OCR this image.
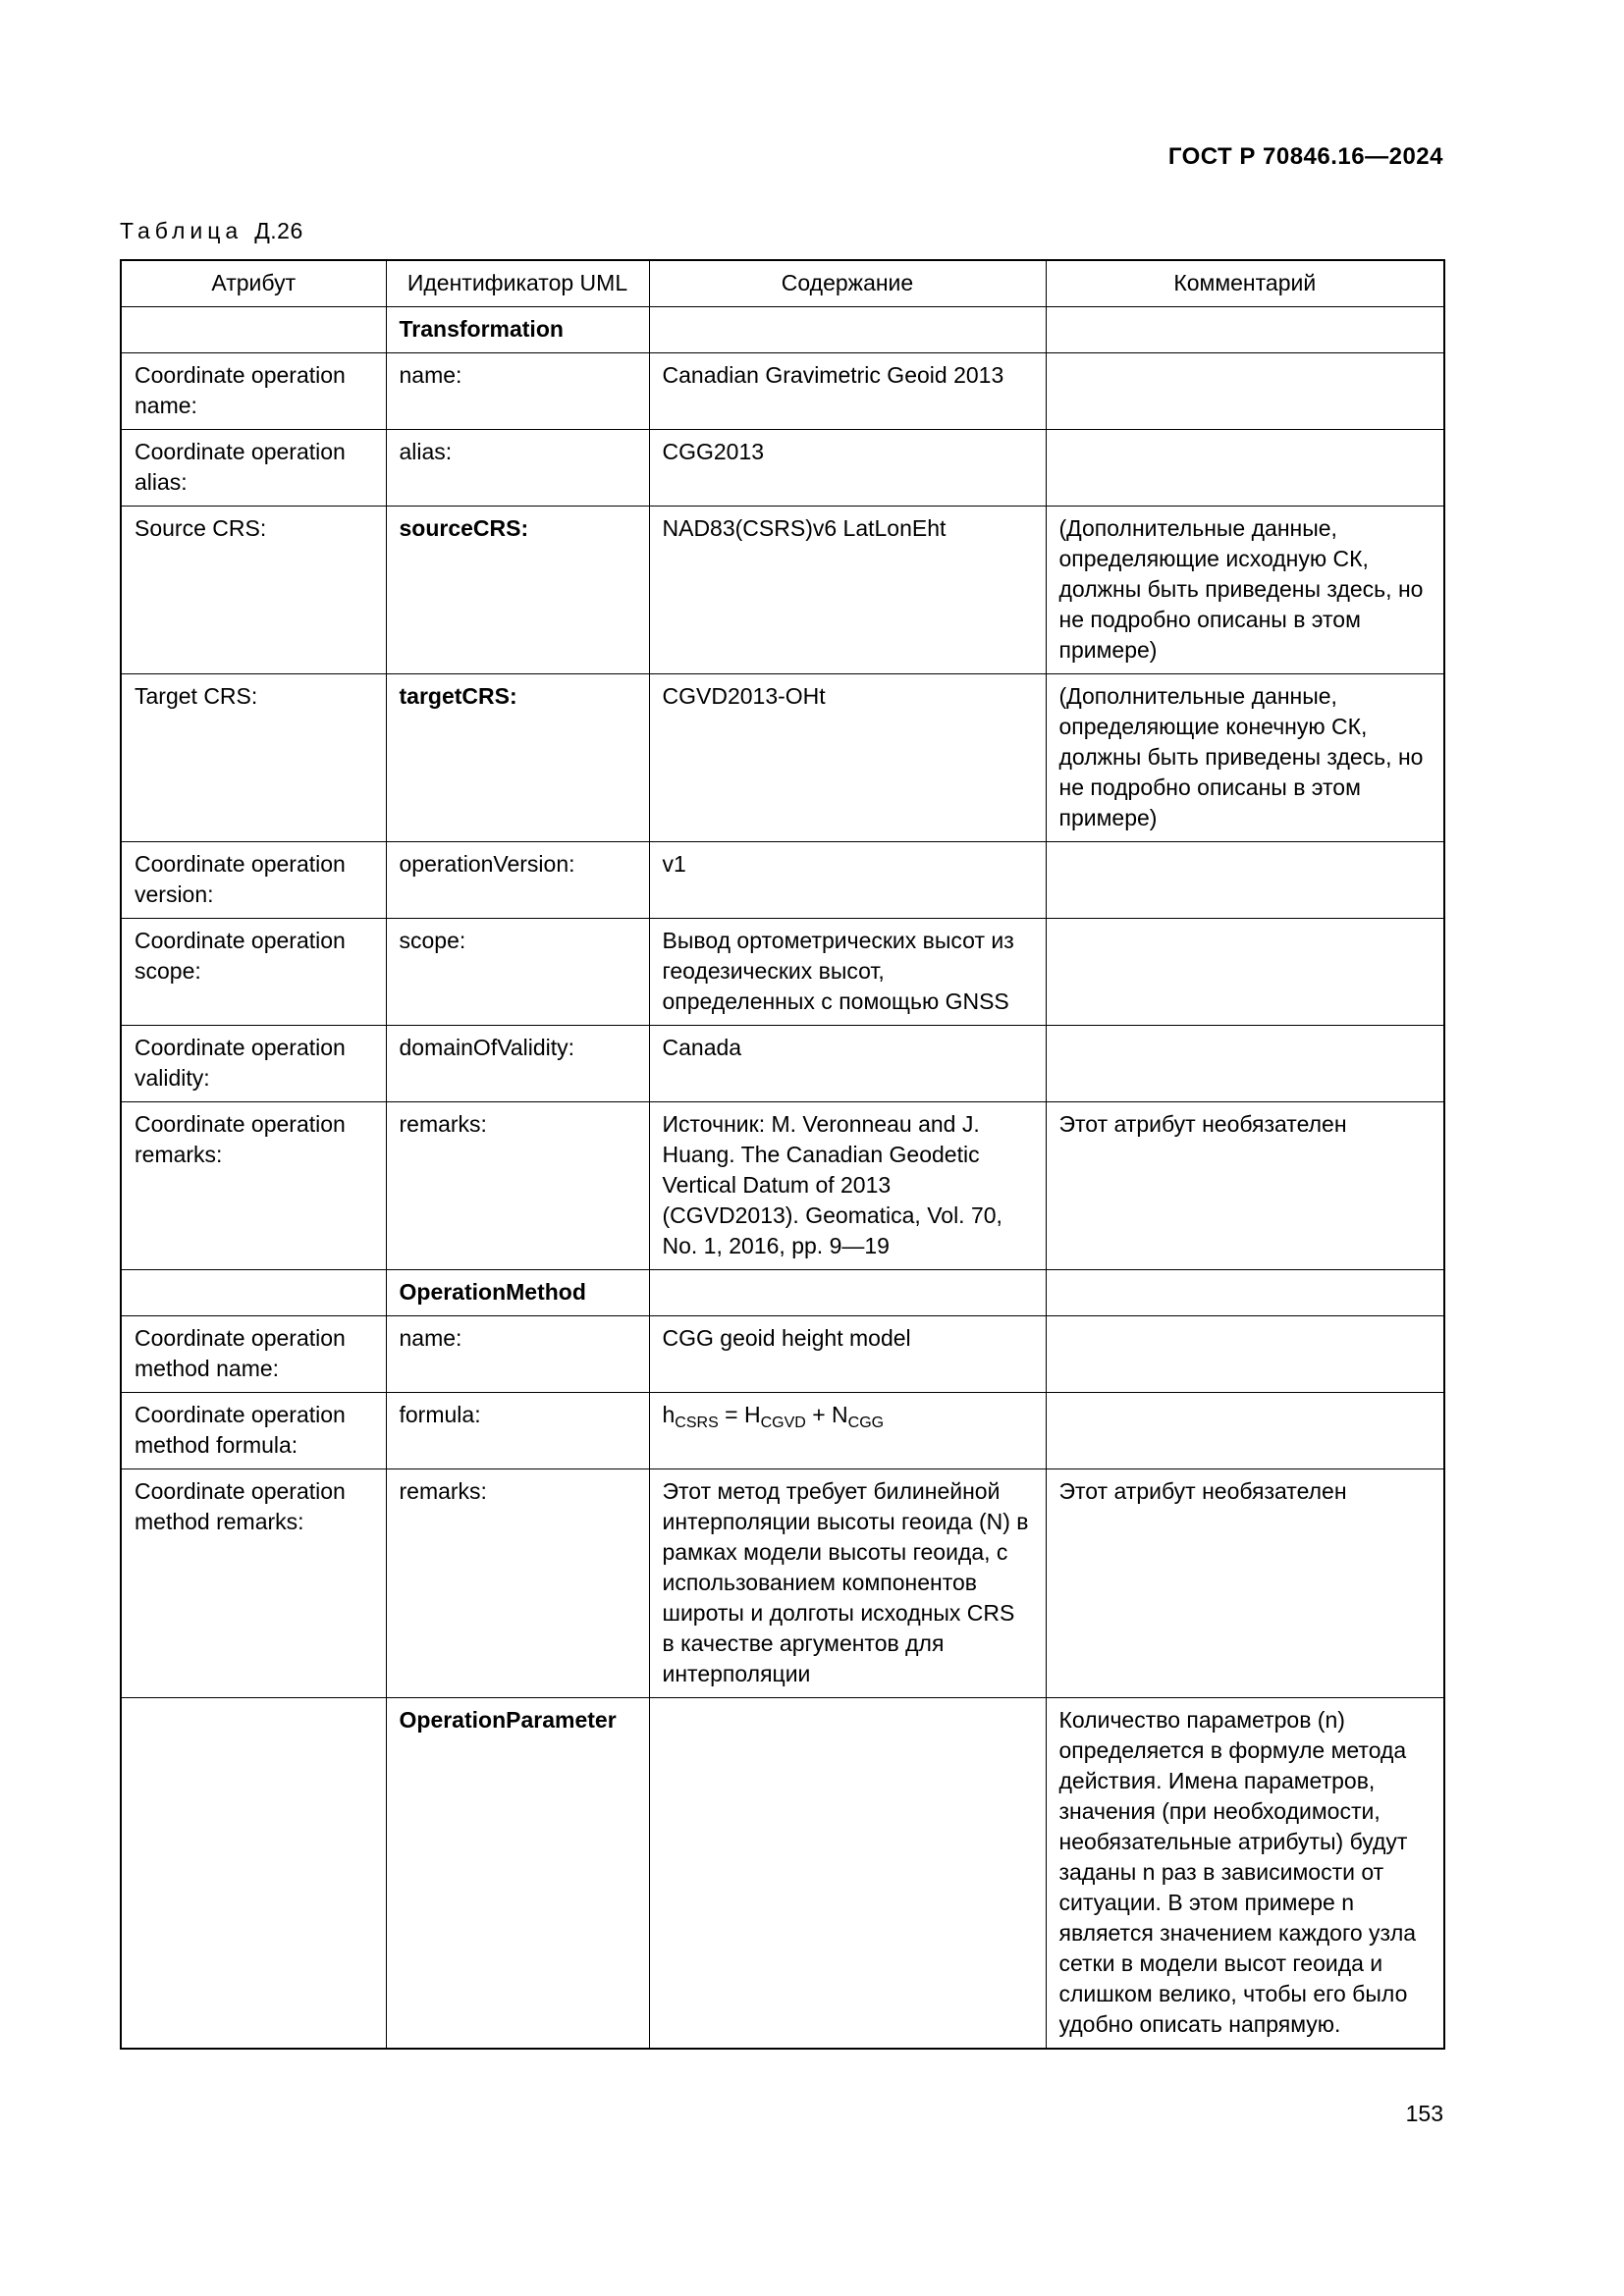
ГОСТ Р 70846.16—2024
Таблица Д.26
Атрибут	Идентификатор UML	Содержание	Комментарий
	Transformation		
Coordinate operation name:	name:	Canadian Gravimetric Geoid 2013	
Coordinate operation alias:	alias:	CGG2013	
Source CRS:	sourceCRS:	NAD83(CSRS)v6 LatLonEht	(Дополнительные данные, определяющие исходную СК, должны быть приведены здесь, но не подробно описаны в этом примере)
Target CRS:	targetCRS:	CGVD2013-OHt	(Дополнительные данные, определяющие конечную СК, должны быть приведены здесь, но не подробно описаны в этом примере)
Coordinate operation version:	operationVersion:	v1	
Coordinate operation scope:	scope:	Вывод ортометрических высот из геодезических высот, определенных с помощью GNSS	
Coordinate operation validity:	domainOfValidity:	Canada	
Coordinate operation remarks:	remarks:	Источник: M. Veronneau and J. Huang. The Canadian Geodetic Vertical Datum of 2013 (CGVD2013). Geomatica, Vol. 70, No. 1, 2016, pp. 9—19	Этот атрибут необязателен
	OperationMethod		
Coordinate operation method name:	name:	CGG geoid height model	
Coordinate operation method formula:	formula:	$h_{CSRS} = H_{CGVD} + N_{CGG}$	
Coordinate operation method remarks:	remarks:	Этот метод требует билинейной интерполяции высоты геоида (N) в рамках модели высоты геоида, с использованием компонентов широты и долготы исходных CRS в качестве аргументов для интерполяции	Этот атрибут необязателен
	OperationParameter		Количество параметров (n) определяется в формуле метода действия. Имена параметров, значения (при необходимости, необязательные атрибуты) будут заданы n раз в зависимости от ситуации. В этом примере n является значением каждого узла сетки в модели высот геоида и слишком велико, чтобы его было удобно описать напрямую.
153
